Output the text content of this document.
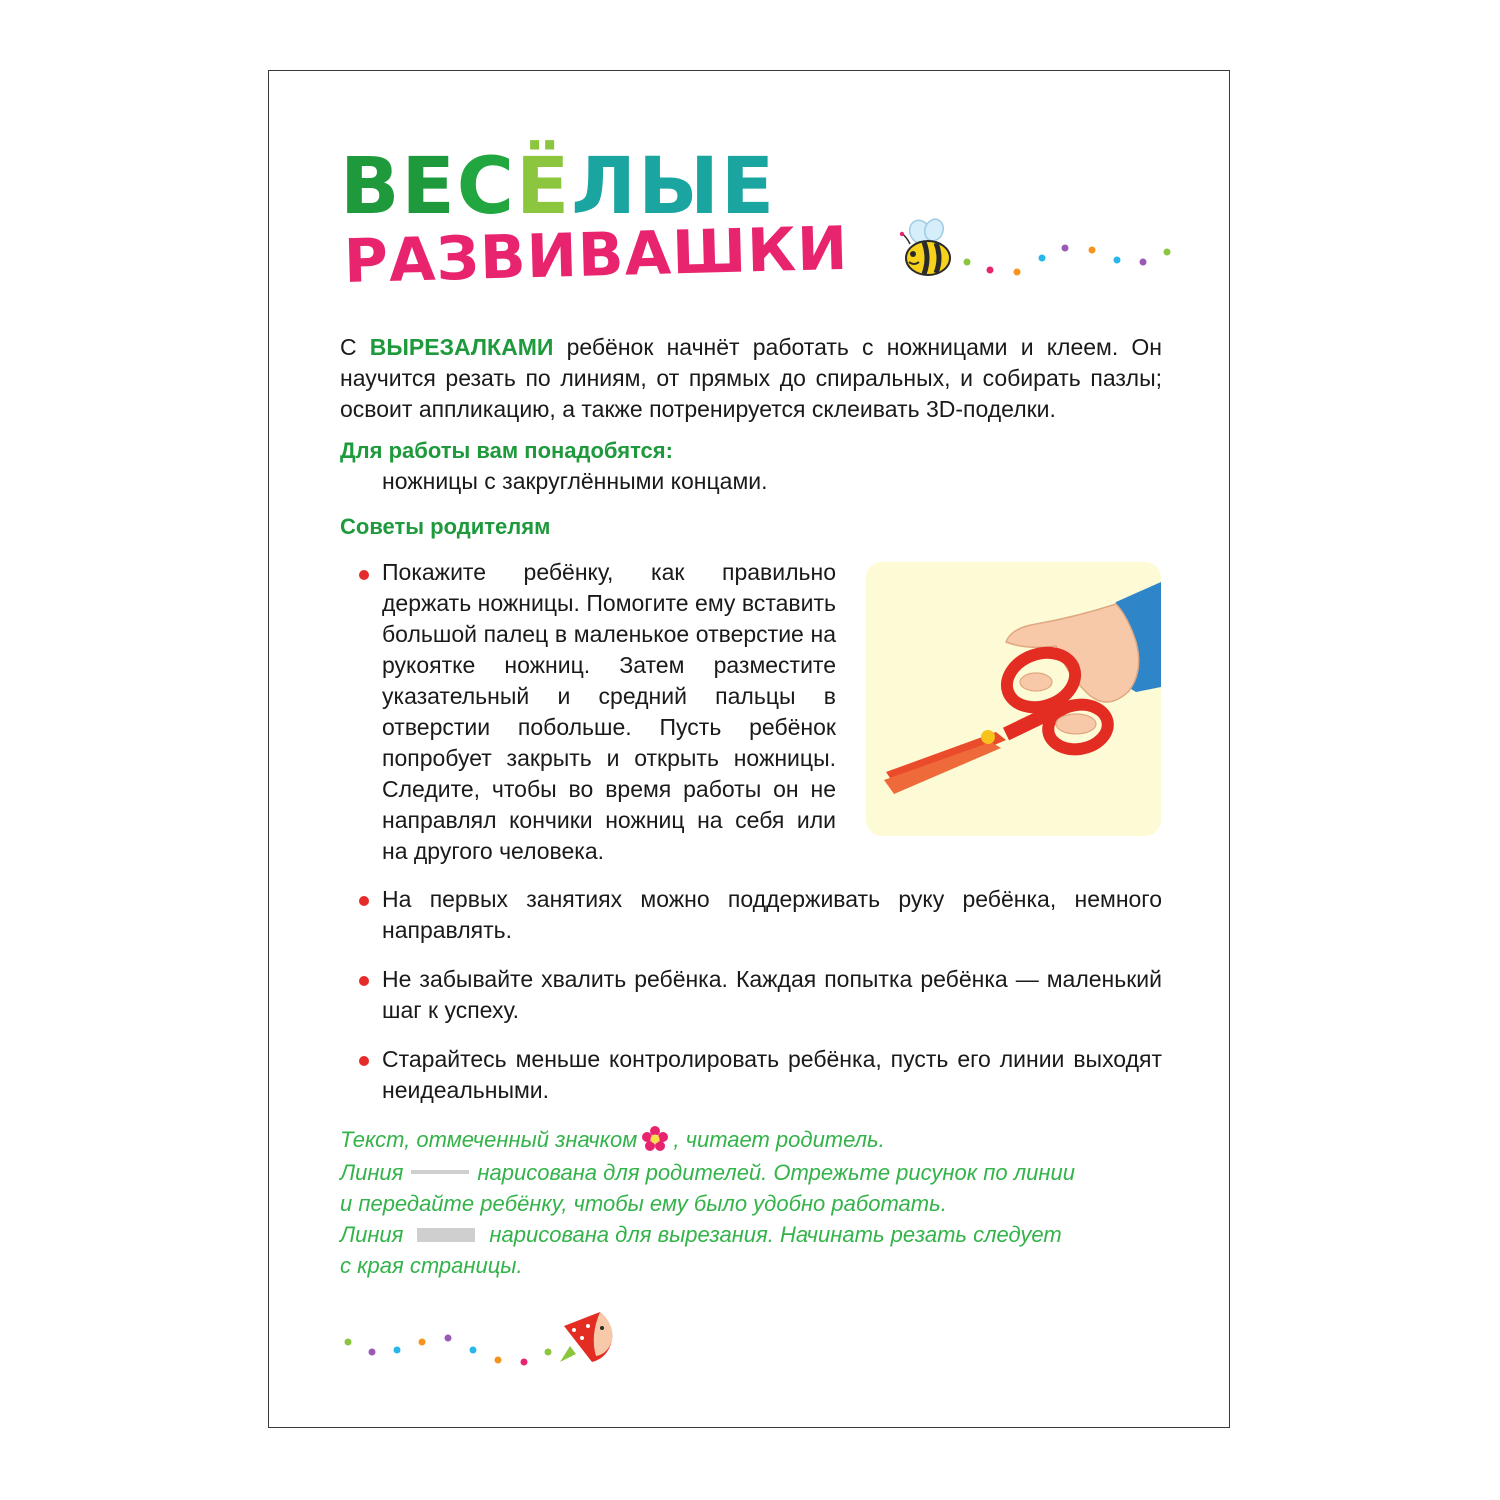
ВЕСЁЛЫЕ
РАЗВИВАШКИ
С ВЫРЕЗАЛКАМИ ребёнок начнёт работать с ножницами и клеем. Он научится резать по линиям, от прямых до спиральных, и собирать пазлы; освоит аппликацию, а также потренируется склеивать 3D-поделки.
Для работы вам понадобятся:
ножницы с закруглёнными концами.
Советы родителям
Покажите ребёнку, как правильно держать ножницы. Помогите ему вставить большой палец в маленькое отверстие на рукоятке ножниц. Затем разместите указательный и средний пальцы в отверстии побольше. Пусть ребёнок попробует закрыть и открыть ножницы. Следите, чтобы во время работы он не направлял кончики ножниц на себя или на другого человека.
На первых занятиях можно поддерживать руку ребёнка, немного направлять.
Не забывайте хвалить ребёнка. Каждая попытка ребёнка — маленький шаг к успеху.
Старайтесь меньше контролировать ребёнка, пусть его линии выходят неидеальными.
Текст, отмеченный значком , читает родитель.
Линия	нарисована для родителей. Отрежьте рисунок по линии
и передайте ребёнку, чтобы ему было удобно работать.
Линия	нарисована для вырезания. Начинать резать следует
с края страницы.
